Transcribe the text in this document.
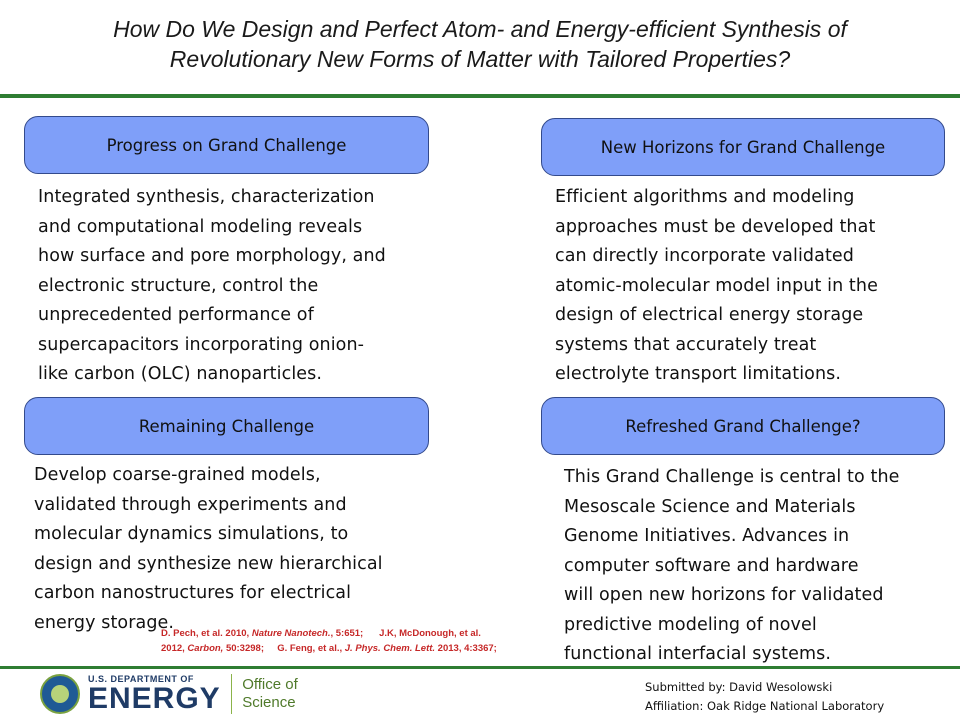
How Do We Design and Perfect Atom- and Energy-efficient Synthesis of
Revolutionary New Forms of Matter with Tailored Properties?
Progress on Grand Challenge
Integrated synthesis, characterization
and computational modeling reveals
how surface and pore morphology, and
electronic structure, control the
unprecedented performance of
supercapacitors incorporating onion-
like carbon (OLC) nanoparticles.
New Horizons for Grand Challenge
Efficient algorithms and modeling
approaches must be developed that
can directly incorporate validated
atomic-molecular model input in the
design of electrical energy storage
systems that accurately treat
electrolyte transport limitations.
Remaining Challenge
Develop coarse-grained models,
validated through experiments and
molecular dynamics simulations, to
design and synthesize new hierarchical
carbon nanostructures for electrical
energy storage.
Refreshed Grand Challenge?
This Grand Challenge is central to the
Mesoscale Science and Materials
Genome Initiatives. Advances in
computer software and hardware
will open new horizons for validated
predictive modeling of novel
functional interfacial systems.
D. Pech, et al. 2010, Nature Nanotech., 5:651; J.K, McDonough, et al.
2012, Carbon, 50:3298; G. Feng, et al., J. Phys. Chem. Lett. 2013, 4:3367;
U.S. DEPARTMENT OF
ENERGY Office of
Science
Submitted by: David Wesolowski
Affiliation: Oak Ridge National Laboratory
